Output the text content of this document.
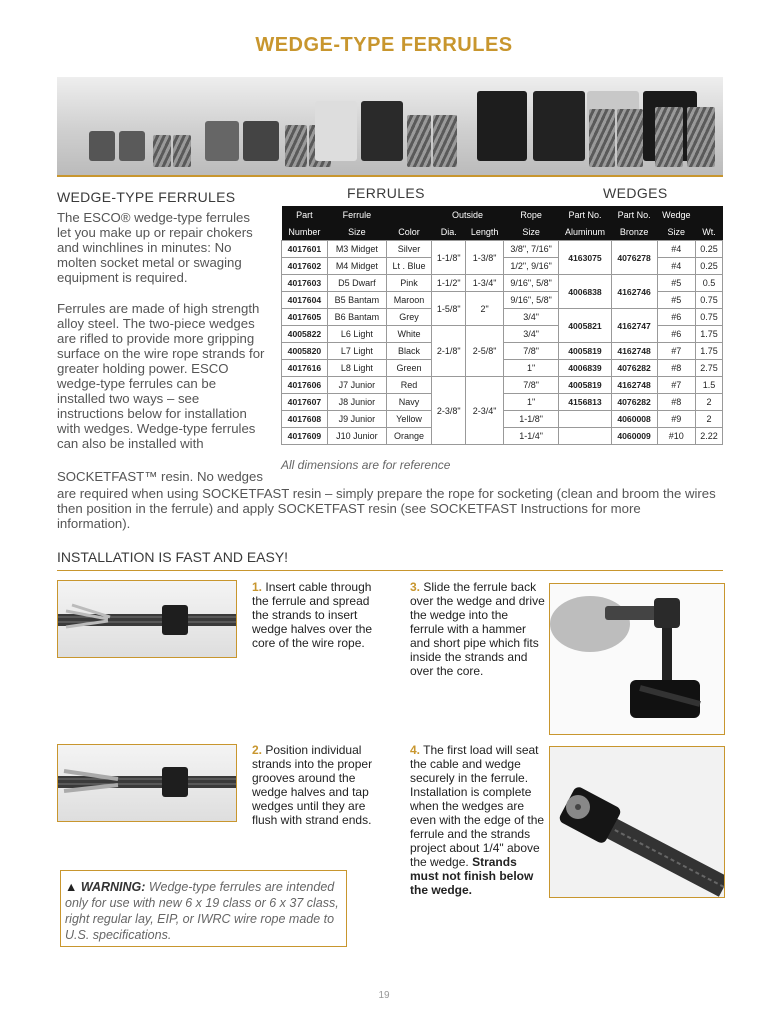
WEDGE-TYPE FERRULES
WEDGE-TYPE FERRULES
The ESCO® wedge-type ferrules let you make up or repair chokers and winchlines in minutes: No molten socket metal or swaging equipment is required.
Ferrules are made of high strength alloy steel. The two-piece wedges are rifled to provide more gripping surface on the wire rope strands for greater holding power. ESCO wedge-type ferrules can be installed two ways – see instructions below for installation with wedges. Wedge-type ferrules can also be installed with
SOCKETFAST™ resin. No wedges
are required when using SOCKETFAST resin – simply prepare the rope for socketing (clean and broom the wires then position in the ferrule) and apply SOCKETFAST resin (see SOCKETFAST Instructions for more information).
FERRULES	WEDGES
Part	Ferrule		Outside		Rope	Part No.	Part No.	Wedge	
Number	Size	Color	Dia.	Length	Size	Aluminum	Bronze	Size	Wt.
4017601	M3 Midget	Silver	1-1/8"	1-3/8"	3/8", 7/16"	4163075	4076278	#4	0.25
4017602	M4 Midget	Lt . Blue			1/2", 9/16"			#4	0.25
4017603	D5 Dwarf	Pink	1-1/2"	1-3/4"	9/16", 5/8"	4006838	4162746	#5	0.5
4017604	B5 Bantam	Maroon	1-5/8"	2"	9/16", 5/8"			#5	0.75
4017605	B6 Bantam	Grey			3/4"	4005821	4162747	#6	0.75
4005822	L6 Light	White	2-1/8"	2-5/8"	3/4"			#6	1.75
4005820	L7 Light	Black			7/8"	4005819	4162748	#7	1.75
4017616	L8 Light	Green			1"	4006839	4076282	#8	2.75
4017606	J7 Junior	Red	2-3/8"	2-3/4"	7/8"	4005819	4162748	#7	1.5
4017607	J8 Junior	Navy			1"	4156813	4076282	#8	2
4017608	J9 Junior	Yellow			1-1/8"		4060008	#9	2
4017609	J10 Junior	Orange			1-1/4"		4060009	#10	2.22
All dimensions are for reference
INSTALLATION IS FAST AND EASY!
1. Insert cable through the ferrule and spread the strands to insert wedge halves over the core of the wire rope.
3. Slide the ferrule back over the wedge and drive the wedge into the ferrule with a hammer and short pipe which fits inside the strands and over the core.
2. Position individual strands into the proper grooves around the wedge halves and tap wedges until they are flush with strand ends.
4. The first load will seat the cable and wedge securely in the ferrule. Installation is complete when the wedges are even with the edge of the ferrule and the strands project about 1/4" above the wedge. Strands must not finish below the wedge.
▲ WARNING: Wedge-type ferrules are intended only for use with new 6 x 19 class or 6 x 37 class, right regular lay, EIP, or IWRC wire rope made to U.S. specifications.
19
